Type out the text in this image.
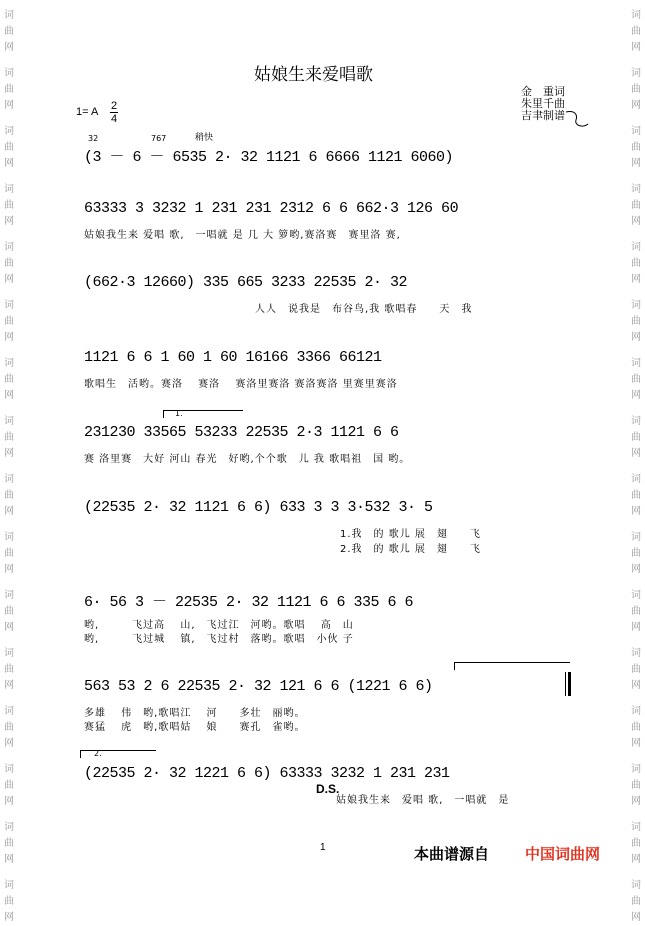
词
曲
网
词
曲
网
词
曲
网
词
曲
网
词
曲
网
词
曲
网
词
曲
网
词
曲
网
词
曲
网
词
曲
网
词
曲
网
词
曲
网
词
曲
网
词
曲
网
词
曲
网
词
曲
网
词
曲
网
词
曲
网
词
曲
网
词
曲
网
词
曲
网
词
曲
网
词
曲
网
词
曲
网
词
曲
网
词
曲
网
词
曲
网
词
曲
网
词
曲
网
词
曲
网
词
曲
网
词
曲
网
姑娘生来爱唱歌
金　重词
朱里千曲
吉聿制谱
1= A 2
4
稍快
32	767
(3 － 6 － 6535 2· 32 1121 6 6666 1121 6060)
63333 3 3232 1 231 231 2312 6 6 662·3 126 60
姑娘我生来 爱唱 歌,　一唱就 是 几 大 箩哟,赛洛赛　赛里洛 赛,
(662·3 12660) 335 665 3233 22535 2· 32
人人　说我是　布谷鸟,我 歌唱春　　天　我
1121 6 6 1 60 1 60 16166 3366 66121
歌唱生　活哟。赛洛　 赛洛　 赛洛里赛洛 赛洛赛洛 里赛里赛洛
1.
231230 33565 53233 22535 2·3 1121 6 6
赛 洛里赛　大好 河山 春光　好哟,个个歌　儿 我 歌唱祖　国 哟。
(22535 2· 32 1121 6 6) 633 3 3 3·532 3· 5
1.我　的 歌儿 展　翅　　飞
2.我　的 歌儿 展　翅　　飞
6· 56 3 － 22535 2· 32 1121 6 6 335 6 6
哟,　　　飞过高　 山,　飞过江　河哟。歌唱　 高　山
哟,　　　飞过城　 镇,　飞过村　落哟。歌唱　小伙 子
563 53 2 6 22535 2· 32 121 6 6 (1221 6 6)
多雄　 伟　哟,歌唱江　 河　　多壮　丽哟。
赛猛　 虎　哟,歌唱姑　 娘　　赛孔　雀哟。
2.
(22535 2· 32 1221 6 6) 63333 3232 1 231 231
D.S.
姑娘我生来　爱唱 歌,　一唱就　是
1	本曲谱源自 中国词曲网
